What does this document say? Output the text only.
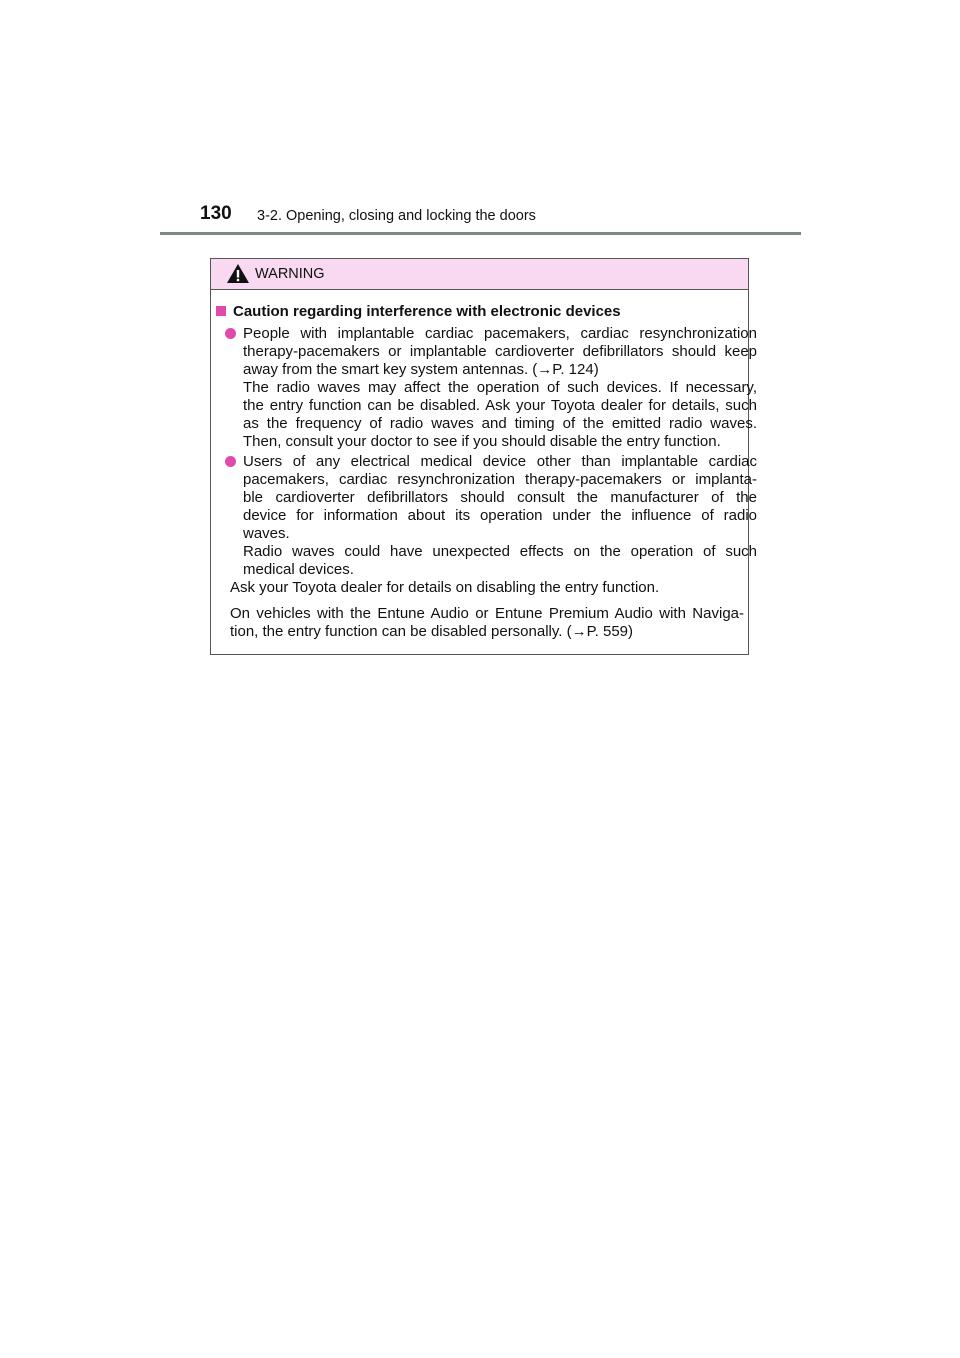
130 3-2. Opening, closing and locking the doors
WARNING
Caution regarding interference with electronic devices
People with implantable cardiac pacemakers, cardiac resynchronization
therapy-pacemakers or implantable cardioverter defibrillators should keep
away from the smart key system antennas. (→P. 124)
The radio waves may affect the operation of such devices. If necessary,
the entry function can be disabled. Ask your Toyota dealer for details, such
as the frequency of radio waves and timing of the emitted radio waves.
Then, consult your doctor to see if you should disable the entry function.
Users of any electrical medical device other than implantable cardiac
pacemakers, cardiac resynchronization therapy-pacemakers or implanta-
ble cardioverter defibrillators should consult the manufacturer of the
device for information about its operation under the influence of radio
waves.
Radio waves could have unexpected effects on the operation of such
medical devices.
Ask your Toyota dealer for details on disabling the entry function.
On vehicles with the Entune Audio or Entune Premium Audio with Naviga-
tion, the entry function can be disabled personally. (→P. 559)
